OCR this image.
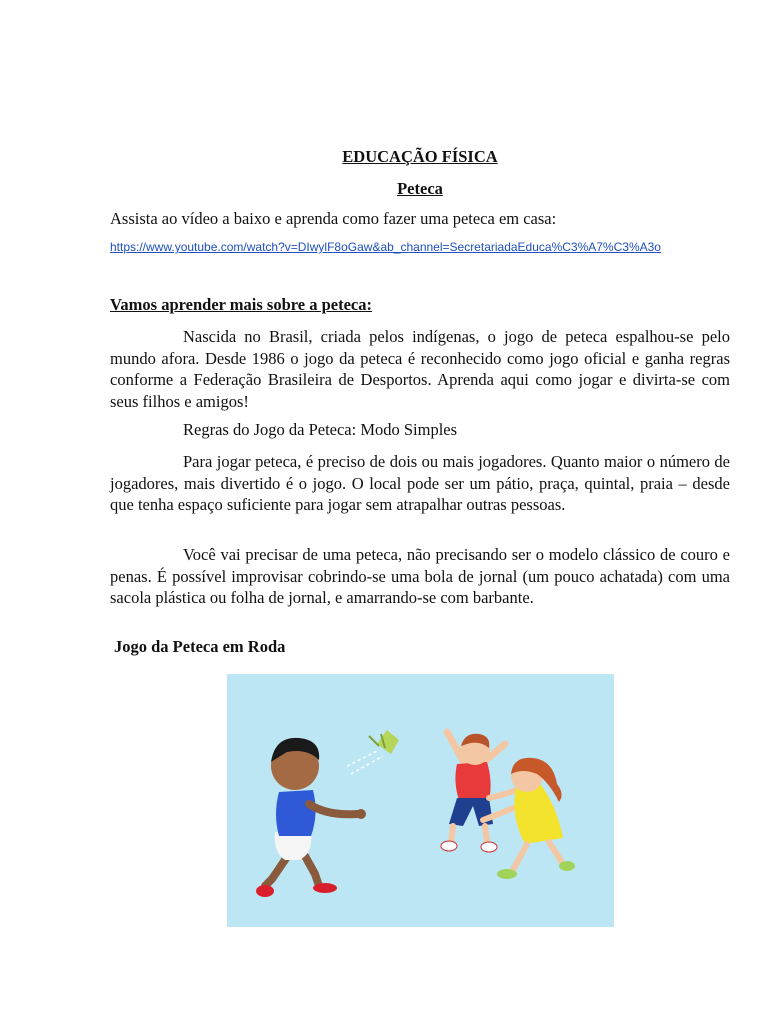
EDUCAÇÃO FÍSICA
Peteca
Assista ao vídeo a baixo e aprenda como fazer uma peteca em casa:
https://www.youtube.com/watch?v=DIwylF8oGaw&ab_channel=SecretariadaEduca%C3%A7%C3%A3o
Vamos aprender mais sobre a peteca:

Nascida no Brasil, criada pelos indígenas, o jogo de peteca espalhou-se pelo mundo afora. Desde 1986 o jogo da peteca é reconhecido como jogo oficial e ganha regras conforme a Federação Brasileira de Desportos. Aprenda aqui como jogar e divirta-se com seus filhos e amigos!

Regras do Jogo da Peteca: Modo Simples

Para jogar peteca, é preciso de dois ou mais jogadores. Quanto maior o número de jogadores, mais divertido é o jogo. O local pode ser um pátio, praça, quintal, praia – desde que tenha espaço suficiente para jogar sem atrapalhar outras pessoas.

Você vai precisar de uma peteca, não precisando ser o modelo clássico de couro e penas. É possível improvisar cobrindo-se uma bola de jornal (um pouco achatada) com uma sacola plástica ou folha de jornal, e amarrando-se com barbante.

Jogo da Peteca em Roda
